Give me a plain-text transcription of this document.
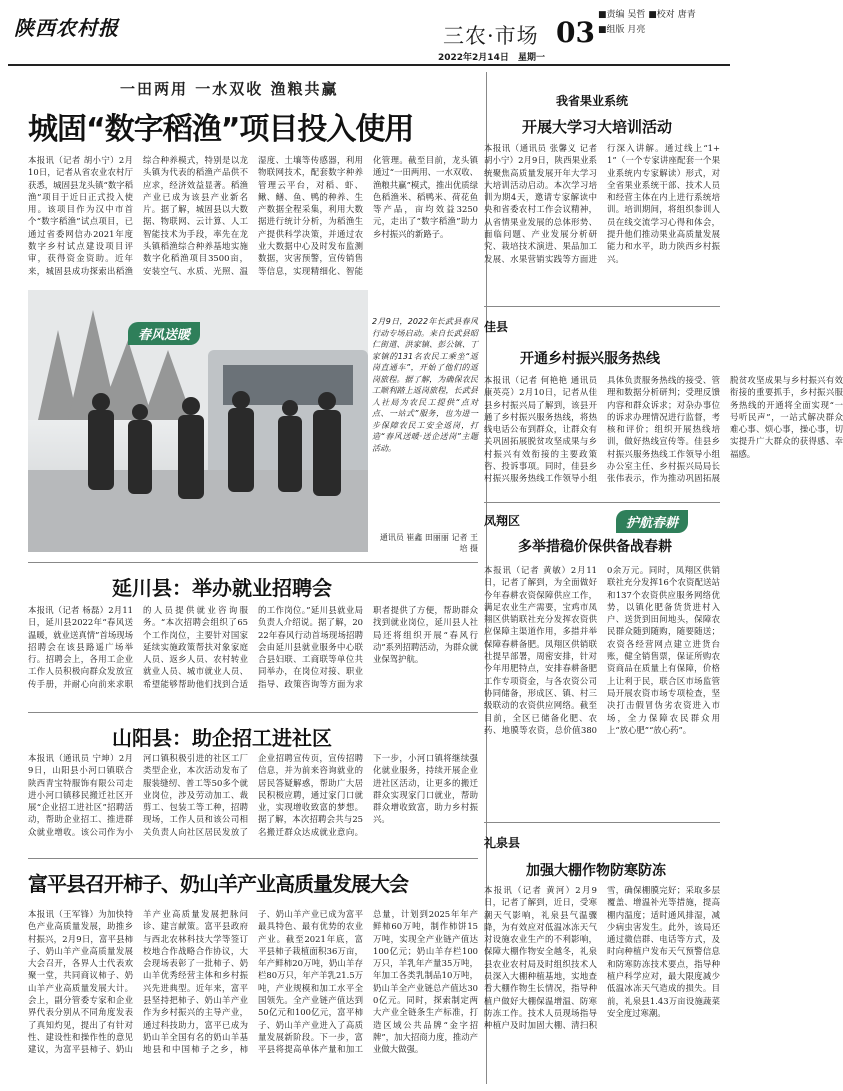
陕西农村报
2022年2月14日 星期一
三农·市场 03
■责编 吴哲 ■校对 唐青
■组版 月亮
一田两用 一水双收 渔粮共赢
城固“数字稻渔”项目投入使用
本报讯（记者 胡小宁）2月10日，记者从省农业农村厅获悉，城固县龙头镇“数字稻渔”项目于近日正式投入使用。该项目作为汉中市首个“数字稻渔”试点项目，已通过省委网信办2021年度数字乡村试点建设项目评审，获得资金资助。近年来，城固县成功探索出稻渔综合种养模式，特别是以龙头镇为代表的稻渔产品供不应求，经济效益显著。稻渔产业已成为该县产业新名片。据了解，城固县以大数据、物联网、云计算、人工智能技术为手段，率先在龙头镇稻渔综合种养基地实施数字化稻渔项目3500亩，安装空气、水质、光照、温湿度、土壤等传感器，利用物联网技术，配套数字种养管理云平台，对稻、虾、鳅、鳝、鱼、鸭的种养、生产数据全程采集，利用大数据进行统计分析，为稻渔生产提供科学决策，并通过农业大数据中心及时发布监测数据，灾害预警，宣传销售等信息，实现精细化、智能化管理。截至目前，龙头镇通过“一田两用、一水双收、渔粮共赢”模式，推出优质绿色稻渔米、稻鸭米、荷花鱼等产品，亩均效益3250元，走出了“数字稻渔”助力乡村振兴的新路子。
春风送暖
2月9日，2022年长武县春风行动专场启动。来自长武县昭仁街道、洪家镇、彭公镇、丁家镇的131名农民工乘坐“返岗直通车”，开始了他们的返岗旅程。据了解，为确保农民工顺利踏上返岗旅程，长武县人社局为农民工提供“点对点、一站式”服务，也为进一步保障农民工安全返岗，打造“春风送暖·送企送岗”主题活动。
通讯员 崔鑫 田丽丽 记者 王培 摄
延川县：举办就业招聘会
本报讯（记者 杨磊）2月11日，延川县2022年“春风送温暖，就业送真情”首场现场招聘会在该县路遥广场举行。招聘会上，各用工企业工作人员积极向群众发放宣传手册，并耐心向前来求职的人员提供就业咨询服务。“本次招聘会组织了65个工作岗位，主要针对国家延续实施政策帮扶对象家庭人员、返乡人员、农村转业就业人员、城市就业人员、希望能够帮助他们找到合适的工作岗位。”延川县就业局负责人介绍说。据了解，2022年春风行动首场现场招聘会由延川县就业服务中心联合县妇联、工商联等单位共同举办，在岗位对接、职业指导、政策咨询等方面为求职者提供了方便，帮助群众找到就业岗位，延川县人社局还将组织开展“春风行动”系列招聘活动，为群众就业保驾护航。
山阳县：助企招工进社区
本报讯（通讯员 宁坤）2月9日，山阳县小河口镇联合陕西青宝特服饰有限公司走进小河口镇移民搬迁社区开展“企业招工进社区”招聘活动，帮助企业招工、推进群众就业增收。该公司作为小河口镇积极引进的社区工厂类型企业，本次活动发布了服装缝纫、普工等50多个就业岗位，涉及劳动加工、裁剪工、包装工等工种，招聘现场，工作人员和该公司相关负责人向社区居民发放了企业招聘宣传页，宣传招聘信息，并为前来咨询就业的居民答疑解惑，帮助广大居民积极应聘，通过家门口就业，实现增收致富的梦想。据了解，本次招聘会共与25名搬迁群众达成就业意向。下一步，小河口镇将继续强化就业服务，持续开展企业进社区活动，让更多的搬迁群众实现家门口就业，帮助群众增收致富，助力乡村振兴。
富平县召开柿子、奶山羊产业高质量发展大会
本报讯（王军锋）为加快特色产业高质量发展，助推乡村振兴，2月9日，富平县柿子、奶山羊产业高质量发展大会召开，各界人士代表欢聚一堂，共同商议柿子、奶山羊产业高质量发展大计。会上，副分管委专家和企业界代表分别从不同角度发表了真知灼见，提出了有针对性、建设性和操作性的意见建议，为富平县柿子、奶山羊产业高质量发展把脉问诊、建言献策。富平县政府与西北农林科技大学等签订校地合作战略合作协议，大会现场表彰了一批柿子、奶山羊优秀经营主体和乡村振兴先进典型。近年来，富平县坚持把柿子、奶山羊产业作为乡村振兴的主导产业，通过科技助力，富平已成为奶山羊全国有名的奶山羊基地县和中国柿子之乡，柿子、奶山羊产业已成为富平最具特色、最有优势的农业产业。截至2021年底，富平县柿子栽植面积36万亩，年产鲜柿20万吨，奶山羊存栏80万只，年产羊乳21.5万吨，产业规模和加工水平全国领先。全产业链产值达到50亿元和100亿元，富平柿子、奶山羊产业进入了高质量发展新阶段。下一步，富平县将提高单体产量和加工总量，计划到2025年年产鲜柿60万吨，制作柿饼15万吨，实现全产业链产值达100亿元；奶山羊存栏100万只，羊乳年产量35万吨，年加工各类乳制品10万吨，奶山羊全产业链总产值达300亿元。同时，探索制定两大产业全链条生产标准，打造区域公共品牌“金字招牌”，加大招商力度，推动产业做大做强。
我省果业系统
开展大学习大培训活动
本报讯（通讯员 张馨义 记者 胡小宁）2月9日，陕西果业系统聚焦高质量发展开年大学习大培训活动启动。本次学习培训为期4天，邀请专家解读中央和省委农村工作会议精神，从省情果业发展的总体形势、面临问题、产业发展分析研究、栽培技术演进、果品加工发展、水果营销实践等方面进行深入讲解。通过线上“1+1”（一个专家讲座配套一个果业系统内专家解读）形式，对全省果业系统干部、技术人员和经营主体在内上进行系统培训。培训期间，将组织参训人员在线交流学习心得和体会，提升他们推动果业高质量发展能力和水平，助力陕西乡村振兴。
佳县
开通乡村振兴服务热线
本报讯（记者 何艳艳 通讯员 康英亮）2月10日，记者从佳县乡村振兴局了解到，该县开通了乡村振兴服务热线，将热线电话公布到群众，让群众有关巩固拓展脱贫攻坚成果与乡村振兴有效衔接的主要政策咨、投诉事项。同时，佳县乡村振兴服务热线工作领导小组具体负责服务热线的接受、管理和数据分析研判；受理反馈内容和群众诉求；对杂办事位的诉求办理情况进行监督，考核和评价；组织开展热线培训，做好热线宣传等。佳县乡村振兴服务热线工作领导小组办公室主任、乡村振兴局局长张伟表示，作为推动巩固拓展脱贫攻坚成果与乡村振兴有效衔接的重要抓手，乡村振兴服务热线的开通将全面实现“一号听民声”，一站式解决群众难心事、烦心事，操心事，切实提升广大群众的获得感、幸福感。
护航春耕
凤翔区
多举措稳价保供备战春耕
本报讯（记者 黄敏）2月11日，记者了解到，为全面做好今年春耕农资保障供应工作，满足农业生产需要，宝鸡市凤翔区供销联社充分发挥农资供应保障主渠道作用，多措并举保障春耕备肥。凤翔区供销联社提早部署，周密安排，针对今年用肥特点，安排春耕备肥工作专项资金，与各农资公司协同储备，形成区、镇、村三级联动的农资供应网络。截至目前，全区已储备化肥、农药、地膜等农资，总价值3800余万元。同时，凤翔区供销联社充分发挥16个农资配送站和137个农资供应服务网络优势，以镇化肥备货货进村入户、送货到田间地头，保障农民群众随到随购，随要随送；农资各经营网点建立进货台账，健全销售票，保证所购农资商品在质量上有保障，价格上让利于民，联合区市场监管局开展农资市场专项检查，坚决打击假冒伪劣农资进入市场，全力保障农民群众用上“放心肥”“放心药”。
礼泉县
加强大棚作物防寒防冻
本报讯（记者 黄河）2月9日，记者了解到，近日，受寒潮天气影响，礼泉县气温骤降，为有效应对低温冰冻天气对设施农业生产的不利影响，保障大棚作物安全越冬，礼泉县农业农村局及时组织技术人员深入大棚种植基地，实地查看大棚作物生长情况，指导种植户做好大棚保温增温、防寒防冻工作。技术人员现场指导种植户及时加固大棚、清扫积雪，确保棚膜完好；采取多层覆盖、增温补光等措施，提高棚内温度；适时通风排湿，减少病虫害发生。此外，该局还通过微信群、电话等方式，及时向种植户发布天气预警信息和防寒防冻技术要点，指导种植户科学应对，最大限度减少低温冰冻天气造成的损失。目前，礼泉县1.43万亩设施蔬菜安全度过寒潮。
